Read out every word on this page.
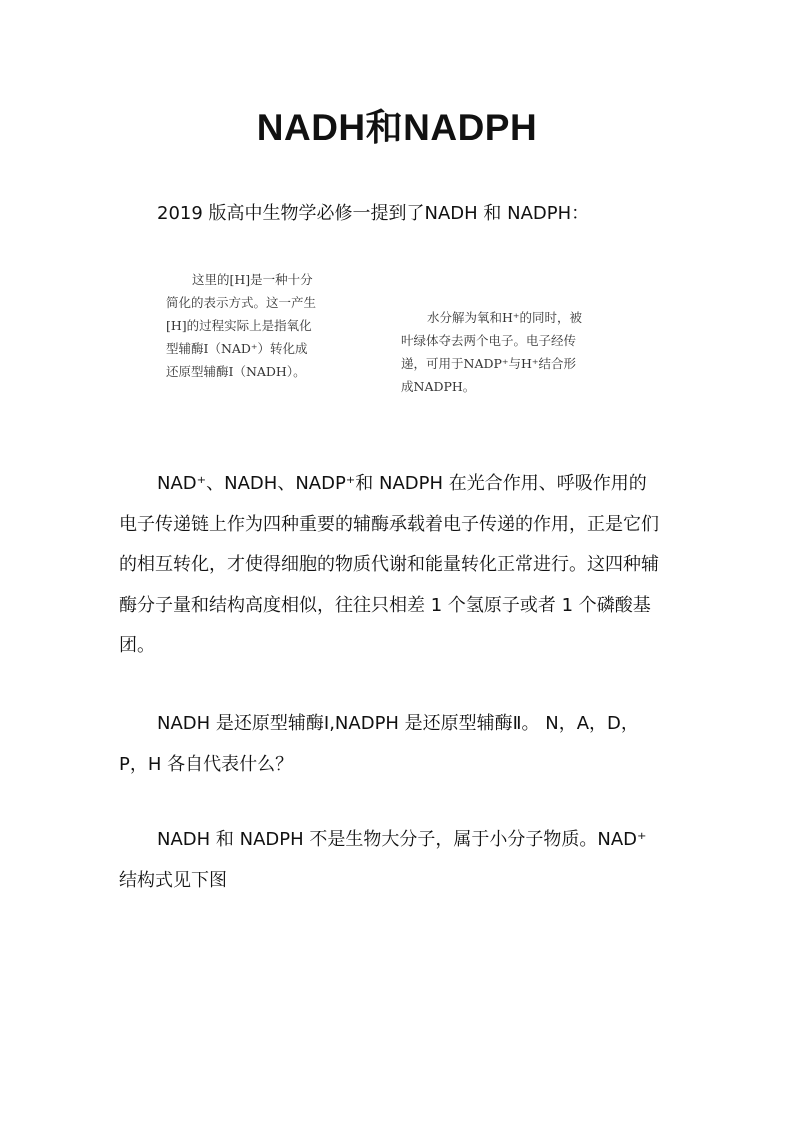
NADH和NADPH
2019 版高中生物学必修一提到了NADH 和 NADPH：
这里的[H]是一种十分
简化的表示方式。这一产生
[H]的过程实际上是指氧化
型辅酶Ⅰ（NAD⁺）转化成
还原型辅酶Ⅰ（NADH）。
水分解为氧和H⁺的同时，被
叶绿体夺去两个电子。电子经传
递，可用于NADP⁺与H⁺结合形
成NADPH。
NAD⁺、NADH、NADP⁺和 NADPH 在光合作用、呼吸作用的
电子传递链上作为四种重要的辅酶承载着电子传递的作用，正是它们
的相互转化，才使得细胞的物质代谢和能量转化正常进行。这四种辅
酶分子量和结构高度相似，往往只相差 1 个氢原子或者 1 个磷酸基
团。
NADH 是还原型辅酶Ⅰ,NADPH 是还原型辅酶Ⅱ。 N，A，D，
P，H 各自代表什么？
NADH 和 NADPH 不是生物大分子，属于小分子物质。NAD⁺
结构式见下图
